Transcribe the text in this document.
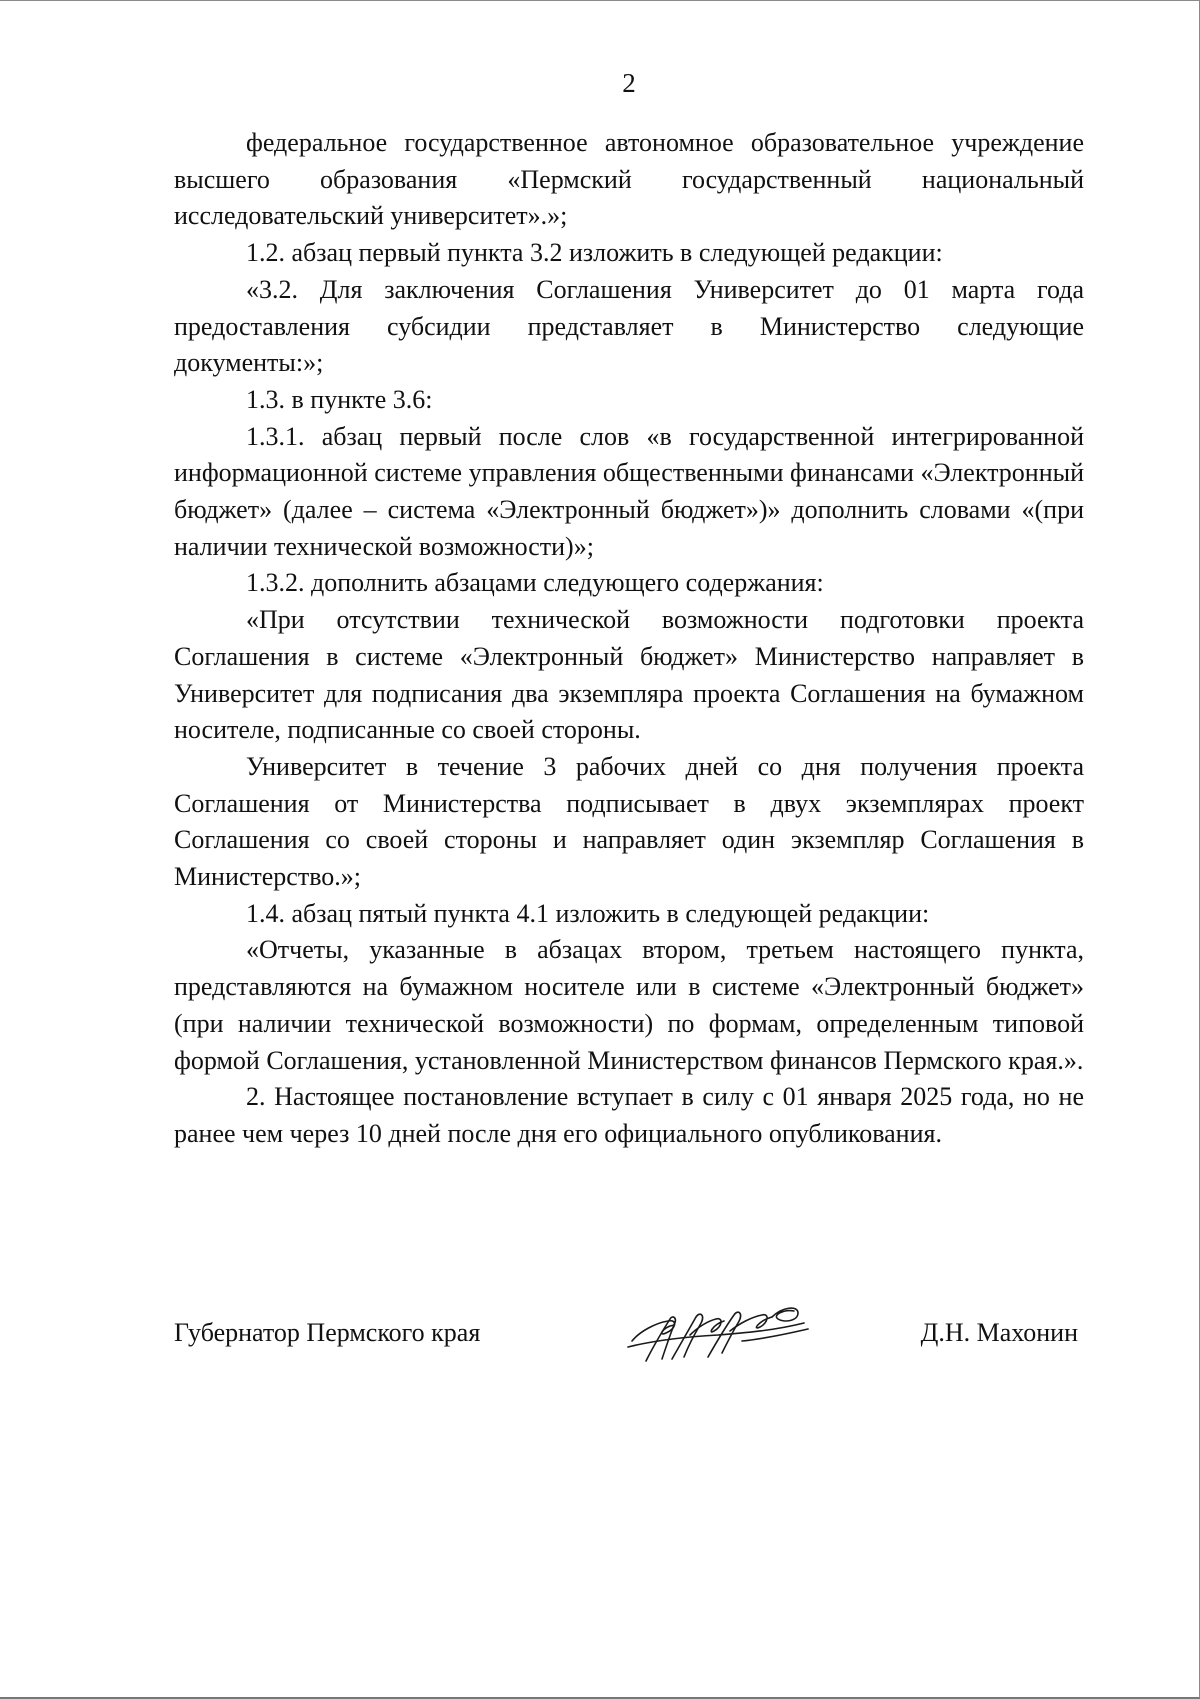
2

федеральное государственное автономное образовательное учреждение высшего образования «Пермский государственный национальный исследовательский университет».»;

1.2. абзац первый пункта 3.2 изложить в следующей редакции:

«3.2. Для заключения Соглашения Университет до 01 марта года предоставления субсидии представляет в Министерство следующие документы:»;

1.3. в пункте 3.6:

1.3.1. абзац первый после слов «в государственной интегрированной информационной системе управления общественными финансами «Электронный бюджет» (далее – система «Электронный бюджет»)» дополнить словами «(при наличии технической возможности)»;

1.3.2. дополнить абзацами следующего содержания:

«При отсутствии технической возможности подготовки проекта Соглашения в системе «Электронный бюджет» Министерство направляет в Университет для подписания два экземпляра проекта Соглашения на бумажном носителе, подписанные со своей стороны.

Университет в течение 3 рабочих дней со дня получения проекта Соглашения от Министерства подписывает в двух экземплярах проект Соглашения со своей стороны и направляет один экземпляр Соглашения в Министерство.»;

1.4. абзац пятый пункта 4.1 изложить в следующей редакции:

«Отчеты, указанные в абзацах втором, третьем настоящего пункта, представляются на бумажном носителе или в системе «Электронный бюджет» (при наличии технической возможности) по формам, определенным типовой формой Соглашения, установленной Министерством финансов Пермского края.».

2. Настоящее постановление вступает в силу с 01 января 2025 года, но не ранее чем через 10 дней после дня его официального опубликования.

Губернатор Пермского края	Д.Н. Махонин
